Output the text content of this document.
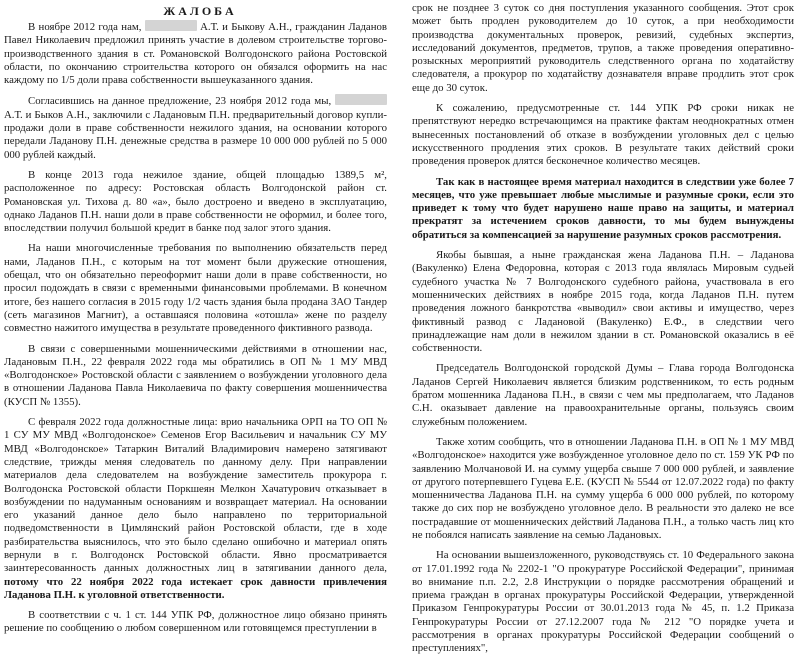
ЖАЛОБА

В ноябре 2012 года нам,	А.Т. и Быкову А.Н., гражданин Ладанов Павел Николаевич предложил принять участие в долевом строительстве торгово-производственного здания в ст. Романовской Волгодонского района Ростовской области, по окончанию строительства которого он обязался оформить на нас каждому по 1/5 доли права собственности вышеуказанного здания.

Согласившись на данное предложение, 23 ноября 2012 года мы,  А.Т. и Быков А.Н., заключили с Ладановым П.Н. предварительный договор купли-продажи доли в праве собственности нежилого здания, на основании которого передали Ладанову П.Н. денежные средства в размере 10 000 000 рублей по 5 000 000 рублей каждый.

В конце 2013 года нежилое здание, общей площадью 1389,5 м², расположенное по адресу: Ростовская область Волгодонской район ст. Романовская ул. Тихова д. 80 «а», было достроено и введено в эксплуатацию, однако Ладанов П.Н. наши доли в праве собственности не оформил, и более того, впоследствии получил большой кредит в банке под залог этого здания.

На наши многочисленные требования по выполнению обязательств перед нами, Ладанов П.Н., с которым на тот момент были дружеские отношения, обещал, что он обязательно переоформит наши доли в праве собственности, но просил подождать в связи с временными финансовыми проблемами. В конечном итоге, без нашего согласия в 2015 году 1/2 часть здания была продана ЗАО Тандер (сеть магазинов Магнит), а оставшаяся половина «отошла» жене по разделу совместно нажитого имущества в результате проведенного фиктивного развода.

В связи с совершенными мошенническими действиями в отношении нас, Ладановым П.Н., 22 февраля 2022 года мы обратились в ОП № 1 МУ МВД «Волгодонское» Ростовской области с заявлением о возбуждении уголовного дела в отношении Ладанова Павла Николаевича по факту совершения мошенничества (КУСП № 1355).

С февраля 2022 года должностные лица: врио начальника ОРП на ТО ОП № 1 СУ МУ МВД «Волгодонское» Семенов Егор Васильевич и начальник СУ МУ МВД «Волгодонское» Татаркин Виталий Владимирович намерено затягивают следствие, трижды меняя следователь по данному делу. При направлении материалов дела следователем на возбуждение заместитель прокурора г. Волгодонска Ростовской области Поркшеян Мелкон Хачатурович отказывает в возбуждении по надуманным основаниям и возвращает материал. На основании его указаний данное дело было направлено по территориальной подведомственности в Цимлянский район Ростовской области, где в ходе разбирательства выяснилось, что это было сделано ошибочно и материал опять вернули в г. Волгодонск Ростовской области. Явно просматривается заинтересованность данных должностных лиц в затягивании данного дела, потому что 22 ноября 2022 года истекает срок давности привлечения Ладанова П.Н. к уголовной ответственности.

В соответствии с ч. 1 ст. 144 УПК РФ, должностное лицо обязано принять решение по сообщению о любом совершенном или готовящемся преступлении в

срок не позднее 3 суток со дня поступления указанного сообщения. Этот срок может быть продлен руководителем до 10 суток, а при необходимости производства документальных проверок, ревизий, судебных экспертиз, исследований документов, предметов, трупов, а также проведения оперативно-розыскных мероприятий руководитель следственного органа по ходатайству следователя, а прокурор по ходатайству дознавателя вправе продлить этот срок еще до 30 суток.

К сожалению, предусмотренные ст. 144 УПК РФ сроки никак не препятствуют нередко встречающимся на практике фактам неоднократных отмен вынесенных постановлений об отказе в возбуждении уголовных дел с целью искусственного продления этих сроков. В результате таких действий сроки проведения проверок длятся бесконечное количество месяцев.

Так как в настоящее время материал находится в следствии уже более 7 месяцев, что уже превышает любые мыслимые и разумные сроки, если это приведет к тому что будет нарушено наше право на защиты, и материал прекратят за истечением сроков давности, то мы будем вынуждены обратиться за компенсацией за нарушение разумных сроков рассмотрения.

Якобы бывшая, а ныне гражданская жена Ладанова П.Н. – Ладанова (Вакуленко) Елена Федоровна, которая с 2013 года являлась Мировым судьей судебного участка № 7 Волгодонского судебного района, участвовала в его мошеннических действиях в ноябре 2015 года, когда Ладанов П.Н. путем проведения ложного банкротства «выводил» свои активы и имущество, через фиктивный развод с Ладановой (Вакуленко) Е.Ф., в следствии чего принадлежащие нам доли в нежилом здании в ст. Романовской оказались в её собственности.

Председатель Волгодонской городской Думы – Глава города Волгодонска Ладанов Сергей Николаевич является близким родственником, то есть родным братом мошенника Ладанова П.Н., в связи с чем мы предполагаем, что Ладанов С.Н. оказывает давление на правоохранительные органы, пользуясь своим служебным положением.

Также хотим сообщить, что в отношении Ладанова П.Н. в ОП № 1 МУ МВД «Волгодонское» находится уже возбужденное уголовное дело по ст. 159 УК РФ по заявлению Молчановой И. на сумму ущерба свыше 7 000 000 рублей, и заявление от другого потерпевшего Гуцева Е.Е. (КУСП № 5544 от 12.07.2022 года) по факту мошенничества Ладанова П.Н. на сумму ущерба 6 000 000 рублей, по которому также до сих пор не возбуждено уголовное дело. В реальности это далеко не все пострадавшие от мошеннических действий Ладанова П.Н., а только часть лиц кто не побоялся написать заявление на семью Ладановых.

На основании вышеизложенного, руководствуясь ст. 10 Федерального закона от 17.01.1992 года № 2202-1 "О прокуратуре Российской Федерации", принимая во внимание п.п. 2.2, 2.8 Инструкции о порядке рассмотрения обращений и приема граждан в органах прокуратуры Российской Федерации, утвержденной Приказом Генпрокуратуры России от 30.01.2013 года № 45, п. 1.2 Приказа Генпрокуратуры России от 27.12.2007 года № 212 "О порядке учета и рассмотрения в органах прокуратуры Российской Федерации сообщений о преступлениях",
